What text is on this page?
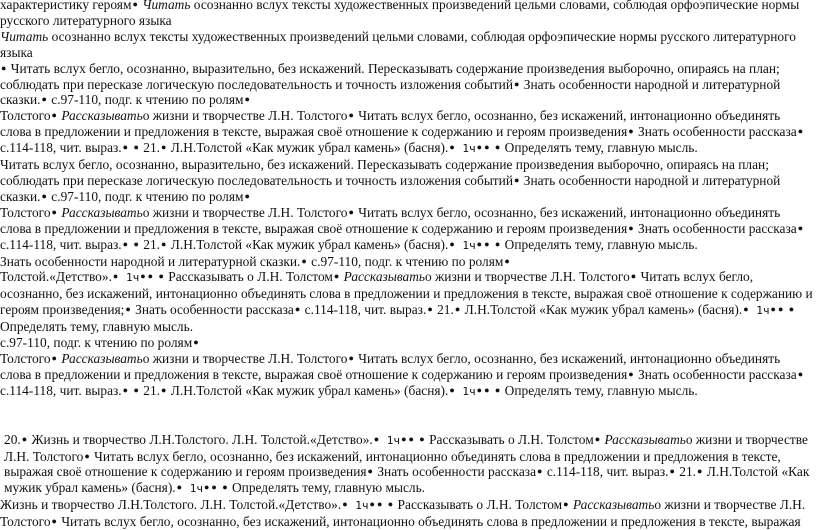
характеристику героям● Читать осознанно вслух тексты художественных произведений цельми словами, соблюдая орфоэпические нормы русского литературного языка

Читать осознанно вслух тексты художественных произведений цельми словами, соблюдая орфоэпические нормы русского литературного языка

● Читать вслух бегло, осознанно, выразительно, без искажений. Пересказывать содержание произведения выборочно, опираясь на план; соблюдать при пересказе логическую последовательность и точность изложения событий● Знать особенности народной и литературной сказки.● с.97-110, подг. к чтению по ролям●

Толстого● Рассказыватьо жизни и творчестве Л.Н. Толстого● Читать вслух бегло, осознанно, без искажений, интонационно объединять слова в предложении и предложения в тексте, выражая своё отношение к содержанию и героям произведения● Знать особенности рассказа● с.114-118, чит. выраз.● ● 21.● Л.Н.Толстой «Как мужик убрал камень» (басня).● 1ч● ● ● Определять тему, главную мысль.

Читать вслух бегло, осознанно, выразительно, без искажений. Пересказывать содержание произведения выборочно, опираясь на план; соблюдать при пересказе логическую последовательность и точность изложения событий● Знать особенности народной и литературной сказки.● с.97-110, подг. к чтению по ролям●

Толстого● Рассказыватьо жизни и творчестве Л.Н. Толстого● Читать вслух бегло, осознанно, без искажений, интонационно объединять слова в предложении и предложения в тексте, выражая своё отношение к содержанию и героям произведения● Знать особенности рассказа● с.114-118, чит. выраз.● ● 21.● Л.Н.Толстой «Как мужик убрал камень» (басня).● 1ч● ● ● Определять тему, главную мысль.

Знать особенности народной и литературной сказки.● с.97-110, подг. к чтению по ролям●

Толстой.«Детство».● 1ч● ● ● Рассказывать о Л.Н. Толстом● Рассказыватьо жизни и творчестве Л.Н. Толстого● Читать вслух бегло, осознанно, без искажений, интонационно объединять слова в предложении и предложения в тексте, выражая своё отношение к содержанию и героям произведения;● Знать особенности рассказа● с.114-118, чит. выраз.● 21.● Л.Н.Толстой «Как мужик убрал камень» (басня).● 1ч● ● ● Определять тему, главную мысль.

с.97-110, подг. к чтению по ролям●

Толстого● Рассказыватьо жизни и творчестве Л.Н. Толстого● Читать вслух бегло, осознанно, без искажений, интонационно объединять слова в предложении и предложения в тексте, выражая своё отношение к содержанию и героям произведения● Знать особенности рассказа● с.114-118, чит. выраз.● ● 21.● Л.Н.Толстой «Как мужик убрал камень» (басня).● 1ч● ● ● Определять тему, главную мысль.

20.● Жизнь и творчество Л.Н.Толстого. Л.Н. Толстой.«Детство».● 1ч● ● ● Рассказывать о Л.Н. Толстом● Рассказыватьо жизни и творчестве Л.Н. Толстого● Читать вслух бегло, осознанно, без искажений, интонационно объединять слова в предложении и предложения в тексте, выражая своё отношение к содержанию и героям произведения● Знать особенности рассказа● с.114-118, чит. выраз.● 21.● Л.Н.Толстой «Как мужик убрал камень» (басня).● 1ч● ● ● Определять тему, главную мысль.

Жизнь и творчество Л.Н.Толстого. Л.Н. Толстой.«Детство».● 1ч● ● ● Рассказывать о Л.Н. Толстом● Рассказыватьо жизни и творчестве Л.Н. Толстого● Читать вслух бегло, осознанно, без искажений, интонационно объединять слова в предложении и предложения в тексте, выражая
